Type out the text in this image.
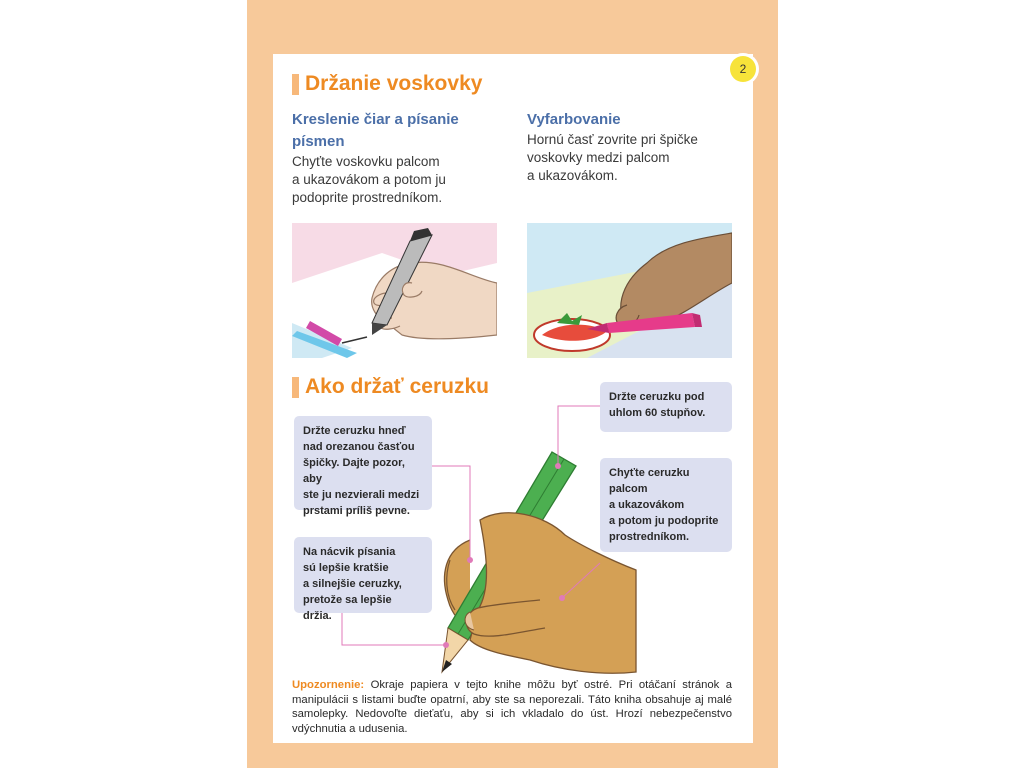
2
Držanie voskovky
Kreslenie čiar a písanie
písmen
Chyťte voskovku palcom
a ukazovákom a potom ju
podoprite prostredníkom.
Vyfarbovanie
Hornú časť zovrite pri špičke
voskovky medzi palcom
a ukazovákom.
Ako držať ceruzku
Držte ceruzku hneď
nad orezanou časťou
špičky. Dajte pozor, aby
ste ju nezvierali medzi
prstami príliš pevne.
Na nácvik písania
sú lepšie kratšie
a silnejšie ceruzky,
pretože sa lepšie držia.
Držte ceruzku pod
uhlom 60 stupňov.
Chyťte ceruzku
palcom
a ukazovákom
a potom ju podoprite
prostredníkom.
Upozornenie: Okraje papiera v tejto knihe môžu byť ostré. Pri otáčaní stránok a manipulácii s listami buďte opatrní, aby ste sa neporezali. Táto kniha obsahuje aj malé samolepky. Nedovoľte dieťaťu, aby si ich vkladalo do úst. Hrozí nebezpečenstvo vdýchnutia a udusenia.
